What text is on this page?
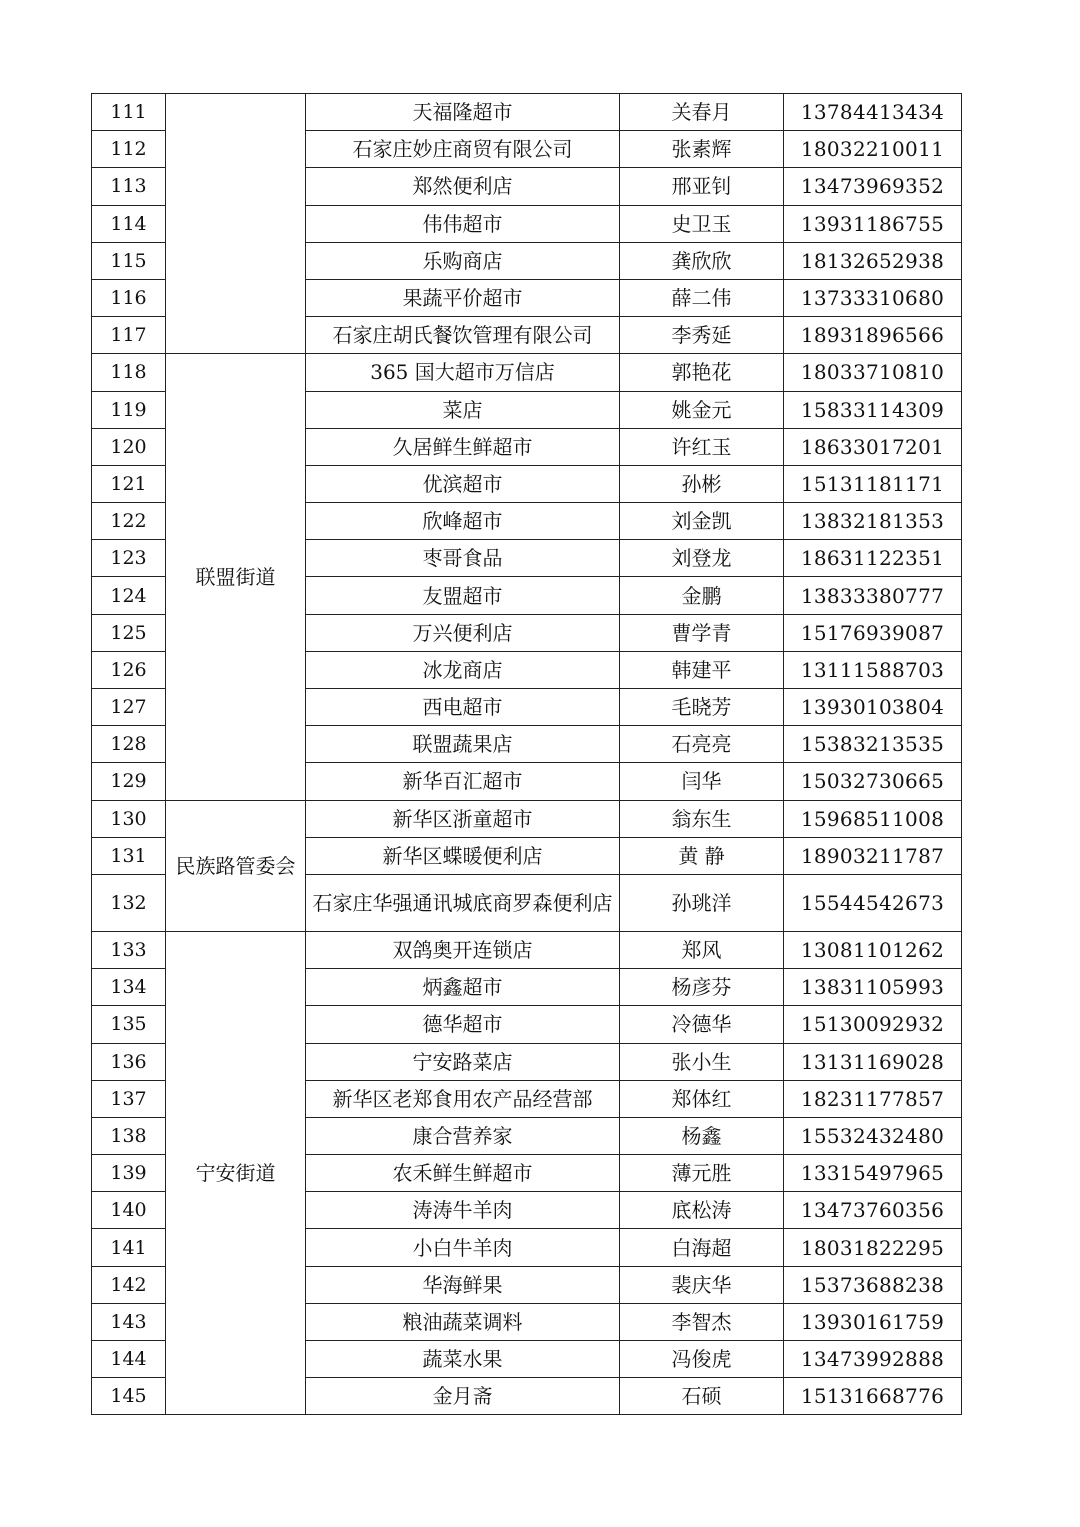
111		天福隆超市	关春月	13784413434
112		石家庄妙庄商贸有限公司	张素辉	18032210011
113		郑然便利店	邢亚钊	13473969352
114		伟伟超市	史卫玉	13931186755
115		乐购商店	龚欣欣	18132652938
116		果蔬平价超市	薛二伟	13733310680
117		石家庄胡氏餐饮管理有限公司	李秀延	18931896566
118	联盟街道	365 国大超市万信店	郭艳花	18033710810
119		菜店	姚金元	15833114309
120		久居鲜生鲜超市	许红玉	18633017201
121		优滨超市	孙彬	15131181171
122		欣峰超市	刘金凯	13832181353
123		枣哥食品	刘登龙	18631122351
124		友盟超市	金鹏	13833380777
125		万兴便利店	曹学青	15176939087
126		冰龙商店	韩建平	13111588703
127		西电超市	毛晓芳	13930103804
128		联盟蔬果店	石亮亮	15383213535
129		新华百汇超市	闫华	15032730665
130	民族路管委会	新华区浙童超市	翁东生	15968511008
131		新华区蝶暖便利店	黄 静	18903211787
132		石家庄华强通讯城底商罗森便利店	孙珧洋	15544542673
133	宁安街道	双鸽奥开连锁店	郑风	13081101262
134		炳鑫超市	杨彦芬	13831105993
135		德华超市	冷德华	15130092932
136		宁安路菜店	张小生	13131169028
137		新华区老郑食用农产品经营部	郑体红	18231177857
138		康合营养家	杨鑫	15532432480
139		农禾鲜生鲜超市	薄元胜	13315497965
140		涛涛牛羊肉	底松涛	13473760356
141		小白牛羊肉	白海超	18031822295
142		华海鲜果	裴庆华	15373688238
143		粮油蔬菜调料	李智杰	13930161759
144		蔬菜水果	冯俊虎	13473992888
145		金月斋	石硕	15131668776
